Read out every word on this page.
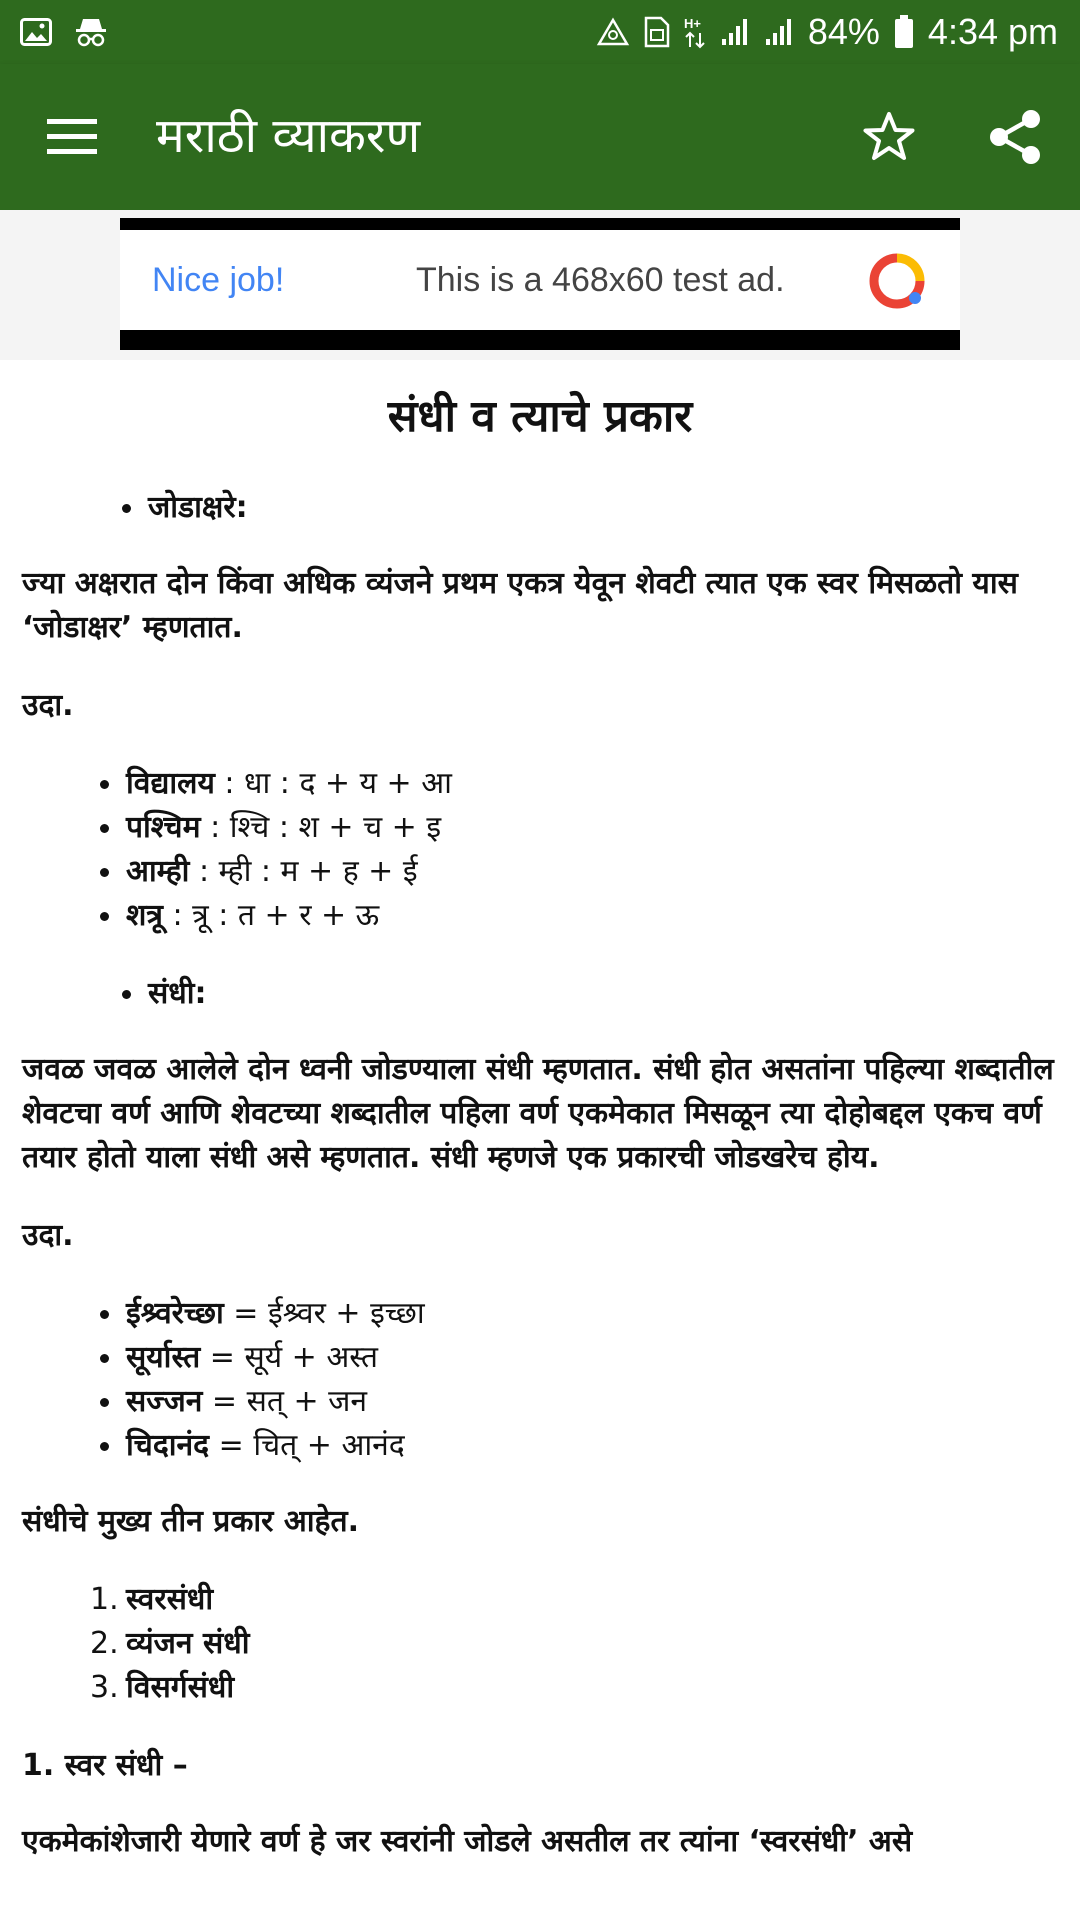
H+	84% 4:34 pm
मराठी व्याकरण
Nice job!	This is a 468x60 test ad.
संधी व त्याचे प्रकार
जोडाक्षरे:

ज्या अक्षरात दोन किंवा अधिक व्यंजने प्रथम एकत्र येवून शेवटी त्यात एक स्वर मिसळतो यास ‘जोडाक्षर’ म्हणतात.

उदा.

विद्यालय : धा : द + य + आ
पश्चिम : श्चि : श + च + इ
आम्ही : म्ही : म + ह + ई
शत्रू : त्रू : त + र + ऊ
संधी:

जवळ जवळ आलेले दोन ध्वनी जोडण्याला संधी म्हणतात. संधी होत असतांना पहिल्या शब्दातील शेवटचा वर्ण आणि शेवटच्या शब्दातील पहिला वर्ण एकमेकात मिसळून त्या दोहोबद्दल एकच वर्ण तयार होतो याला संधी असे म्हणतात. संधी म्हणजे एक प्रकारची जोडखरेच होय.

उदा.

ईश्र्वरेच्छा = ईश्र्वर + इच्छा
सूर्यास्त = सूर्य + अस्त
सज्जन = सत् + जन
चिदानंद = चित् + आनंद

संधीचे मुख्य तीन प्रकार आहेत.

1. स्वरसंधी
2. व्यंजन संधी
3. विसर्गसंधी
1. स्वर संधी –

एकमेकांशेजारी येणारे वर्ण हे जर स्वरांनी जोडले असतील तर त्यांना ‘स्वरसंधी’ असे
